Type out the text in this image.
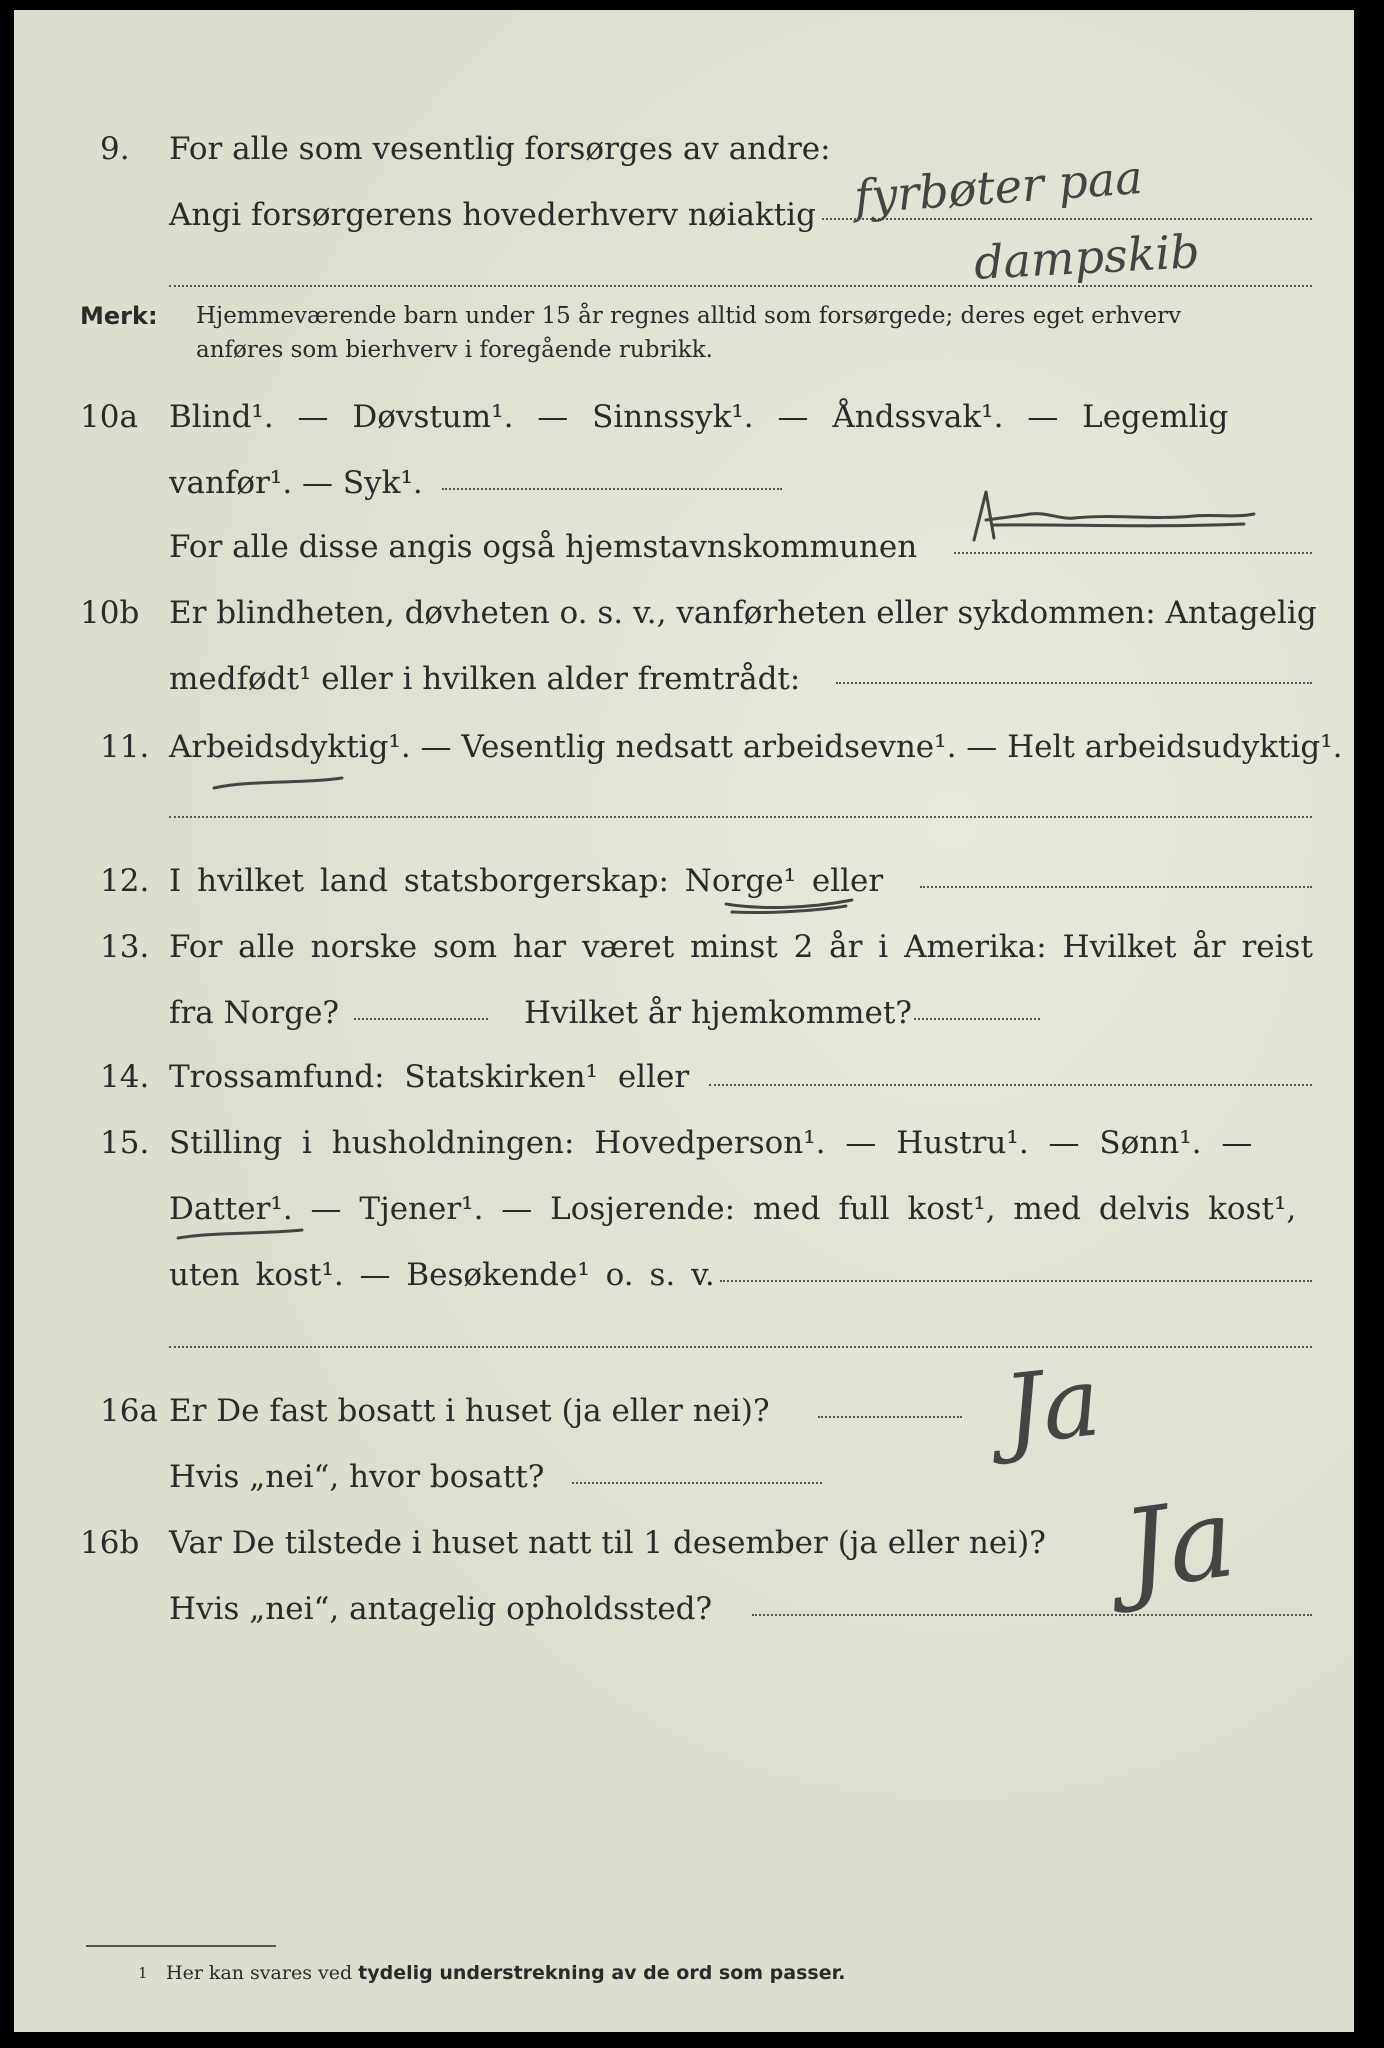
9. For alle som vesentlig forsørges av andre:
Angi forsørgerens hovederhverv nøiaktig fyrbøter paa
dampskib
Merk: Hjemmeværende barn under 15 år regnes alltid som forsørgede; deres eget erhverv
anføres som bierhverv i foregående rubrikk.
10a Blind¹. — Døvstum¹. — Sinnssyk¹. — Åndssvak¹. — Legemlig
vanfør¹. — Syk¹.
For alle disse angis også hjemstavnskommunen
10b Er blindheten, døvheten o. s. v., vanførheten eller sykdommen: Antagelig
medfødt¹ eller i hvilken alder fremtrådt:
11. Arbeidsdyktig¹. — Vesentlig nedsatt arbeidsevne¹. — Helt arbeidsudyktig¹.
12. I hvilket land statsborgerskap: Norge¹ eller
13. For alle norske som har været minst 2 år i Amerika: Hvilket år reist
fra Norge?	Hvilket år hjemkommet?
14. Trossamfund: Statskirken¹ eller
15. Stilling i husholdningen: Hovedperson¹. — Hustru¹. — Sønn¹. —
Datter¹. — Tjener¹. — Losjerende: med full kost¹, med delvis kost¹,
uten kost¹. — Besøkende¹ o. s. v.
16a Er De fast bosatt i huset (ja eller nei)?
Hvis „nei“, hvor bosatt?
Ja
16b Var De tilstede i huset natt til 1 desember (ja eller nei)?
Hvis „nei“, antagelig opholdssted?	Ja
1 Her kan svares ved tydelig understrekning av de ord som passer.
